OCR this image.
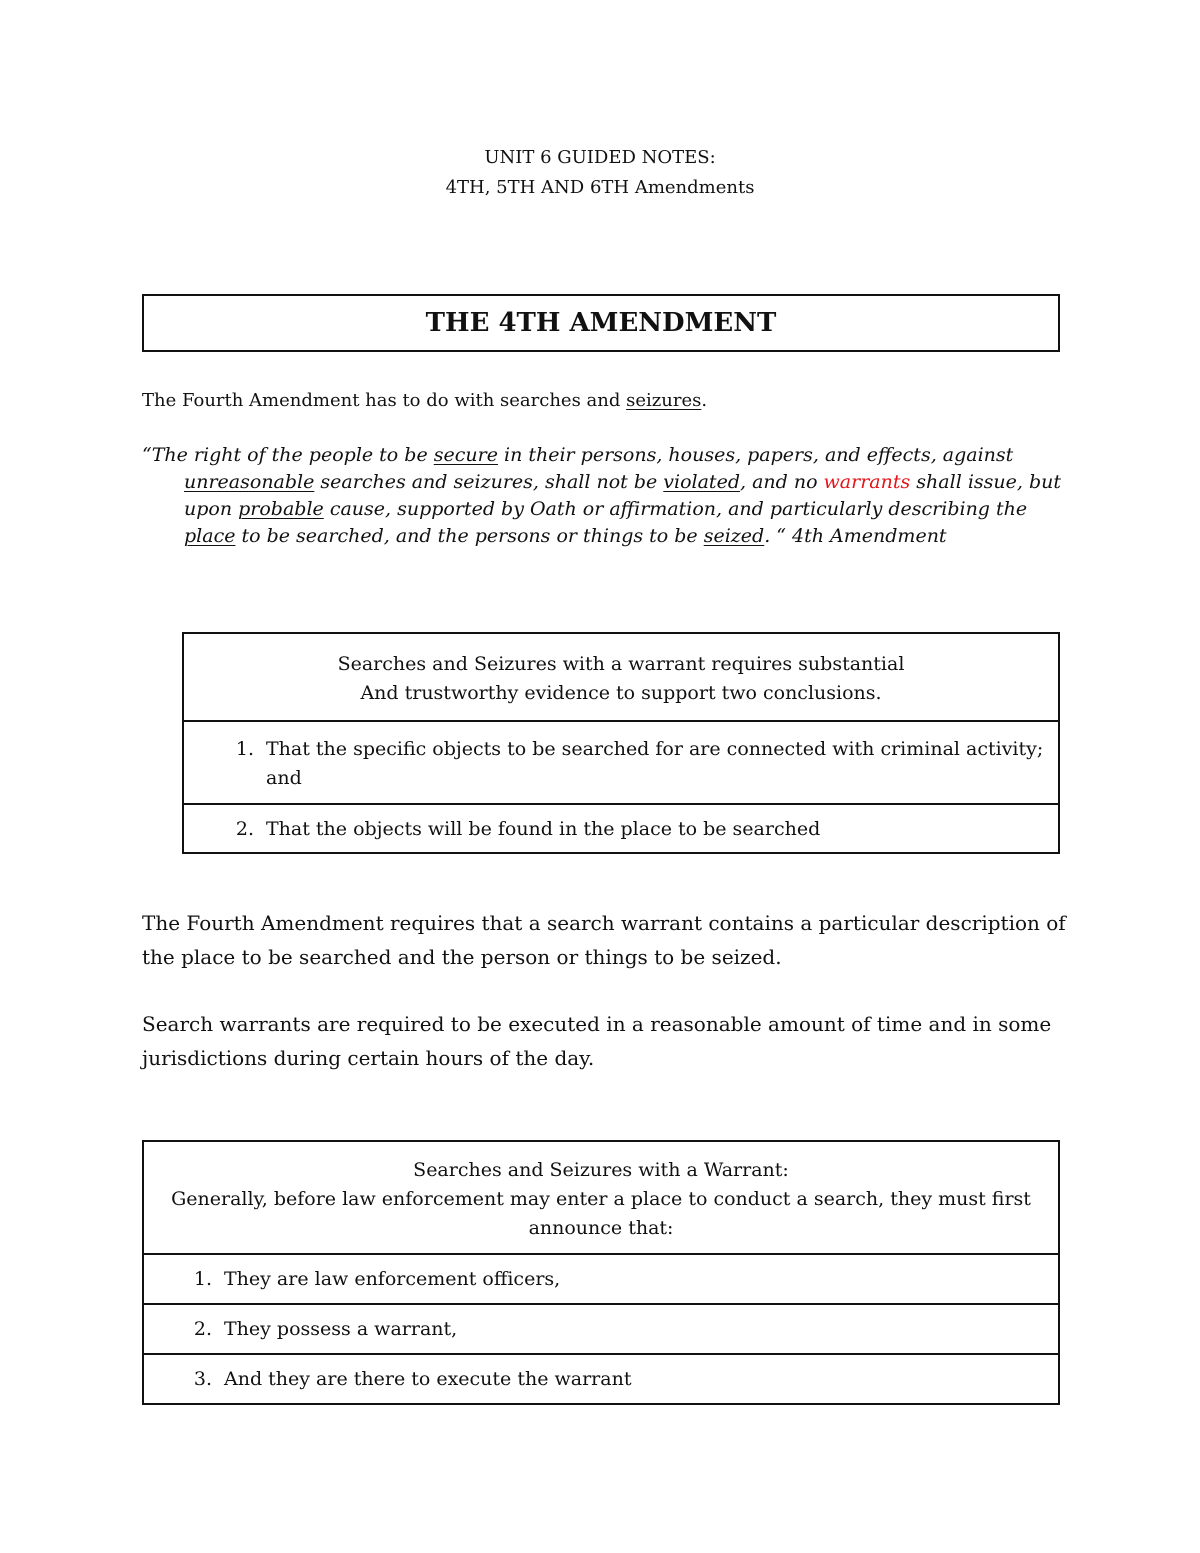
UNIT 6 GUIDED NOTES:
4TH, 5TH AND 6TH Amendments
THE 4TH AMENDMENT
The Fourth Amendment has to do with searches and seizures.
“The right of the people to be secure in their persons, houses, papers, and effects, against unreasonable searches and seizures, shall not be violated, and no warrants shall issue, but upon probable cause, supported by Oath or affirmation, and particularly describing the place to be searched, and the persons or things to be seized. “ 4th Amendment
Searches and Seizures with a warrant requires substantial
And trustworthy evidence to support two conclusions.

1. That the specific objects to be searched for are connected with criminal activity; and

2. That the objects will be found in the place to be searched
The Fourth Amendment requires that a search warrant contains a particular description of the place to be searched and the person or things to be seized.
Search warrants are required to be executed in a reasonable amount of time and in some jurisdictions during certain hours of the day.
Searches and Seizures with a Warrant:
Generally, before law enforcement may enter a place to conduct a search, they must first announce that:

1. They are law enforcement officers,

2. They possess a warrant,

3. And they are there to execute the warrant
